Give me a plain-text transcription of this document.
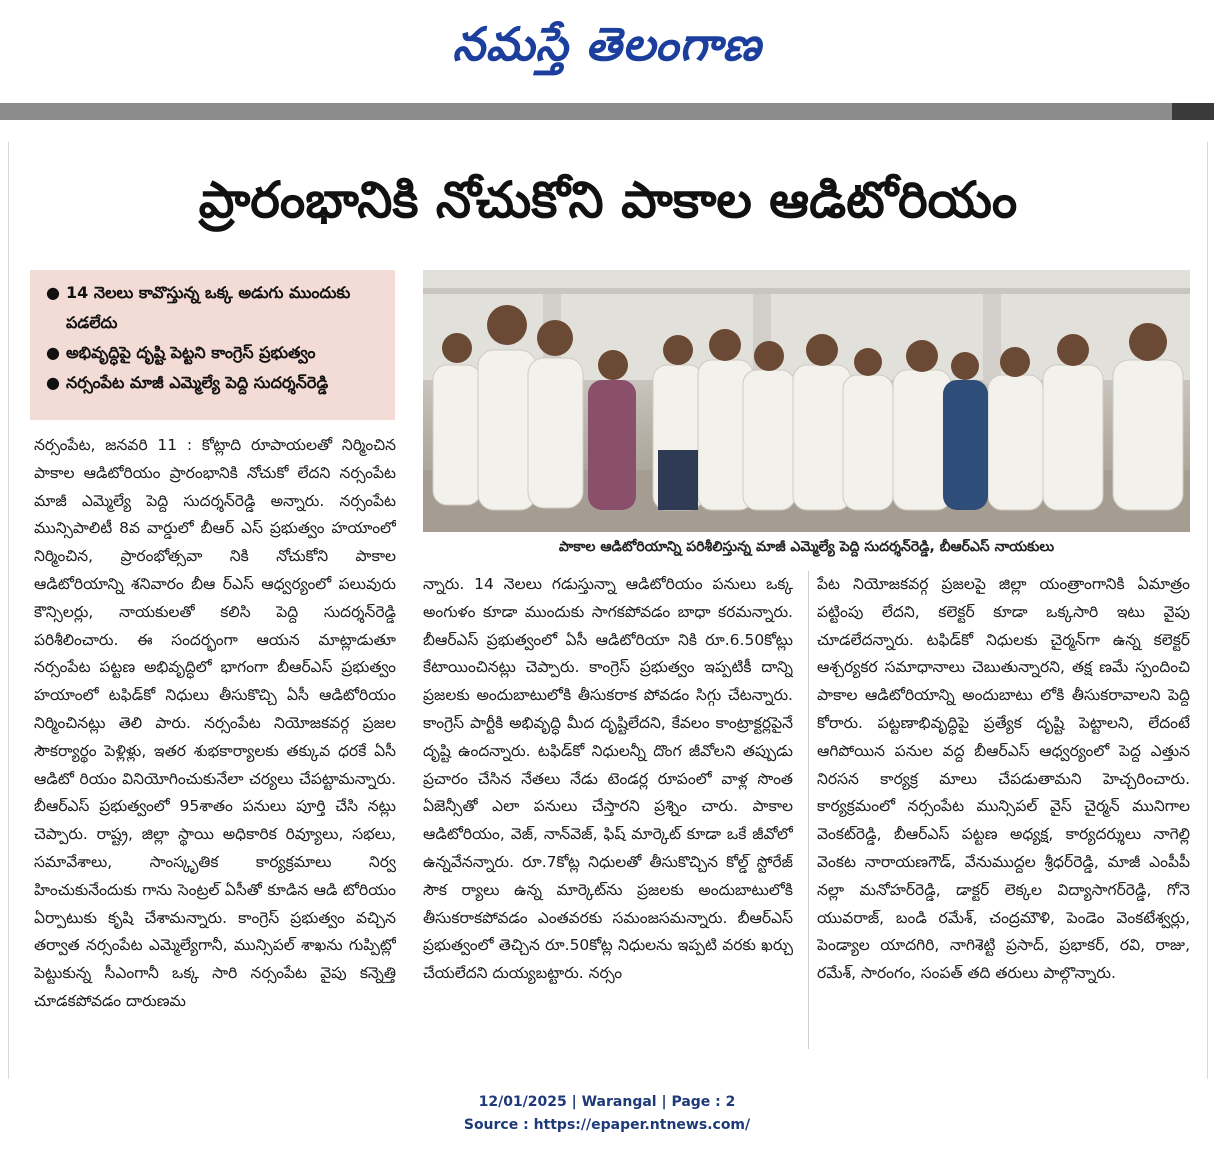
నమస్తే తెలంగాణ
ప్రారంభానికి నోచుకోని పాకాల ఆడిటోరియం
● 14 నెలలు కావొస్తున్న ఒక్క అడుగు ముందుకు పడలేదు
● అభివృద్ధిపై దృష్టి పెట్టని కాంగ్రెస్ ప్రభుత్వం
● నర్సంపేట మాజీ ఎమ్మెల్యే పెద్ది సుదర్శన్‌రెడ్డి
పాకాల ఆడిటోరియాన్ని పరిశీలిస్తున్న మాజీ ఎమ్మెల్యే పెద్ది సుదర్శన్‌రెడ్డి, బీఆర్‌ఎస్ నాయకులు
నర్సంపేట, జనవరి 11 : కోట్లాది రూపాయలతో నిర్మించిన పాకాల ఆడిటోరియం ప్రారంభానికి నోచుకో లేదని నర్సంపేట మాజీ ఎమ్మెల్యే పెద్ది సుదర్శన్‌రెడ్డి అన్నారు. నర్సంపేట మున్సిపాలిటీ 8వ వార్డులో బీఆర్ ఎస్ ప్రభుత్వం హయాంలో నిర్మించిన, ప్రారంభోత్సవా నికి నోచుకోని పాకాల ఆడిటోరియాన్ని శనివారం బీఆ ర్ఎస్ ఆధ్వర్యంలో పలువురు కౌన్సిలర్లు, నాయకులతో కలిసి పెద్ది సుదర్శన్‌రెడ్డి పరిశీలించారు. ఈ సందర్భంగా ఆయన మాట్లాడుతూ నర్సంపేట పట్టణ అభివృద్ధిలో భాగంగా బీఆర్ఎస్ ప్రభుత్వం హయాంలో టఫిడ్‌కో నిధులు తీసుకొచ్చి ఏసీ ఆడిటోరియం నిర్మించినట్లు తెలి పారు. నర్సంపేట నియోజకవర్గ ప్రజల సౌకర్యార్థం పెళ్లిళ్లు, ఇతర శుభకార్యాలకు తక్కువ ధరకే ఏసీ ఆడిటో రియం వినియోగించుకునేలా చర్యలు చేపట్టామన్నారు. బీఆర్ఎస్ ప్రభుత్వంలో 95శాతం పనులు పూర్తి చేసి నట్లు చెప్పారు. రాష్ట్ర, జిల్లా స్థాయి అధికారిక రివ్యూలు, సభలు, సమావేశాలు, సాంస్కృతిక కార్యక్రమాలు నిర్వ హించుకునేందుకు గాను సెంట్రల్ ఏసీతో కూడిన ఆడి టోరియం ఏర్పాటుకు కృషి చేశామన్నారు. కాంగ్రెస్ ప్రభుత్వం వచ్చిన తర్వాత నర్సంపేట ఎమ్మెల్యేగానీ, మున్సిపల్ శాఖను గుప్పిట్లో పెట్టుకున్న సీఎంగానీ ఒక్క సారి నర్సంపేట వైపు కన్నెత్తి చూడకపోవడం దారుణమ
న్నారు. 14 నెలలు గడుస్తున్నా ఆడిటోరియం పనులు ఒక్క అంగుళం కూడా ముందుకు సాగకపోవడం బాధా కరమన్నారు. బీఆర్ఎస్ ప్రభుత్వంలో ఏసీ ఆడిటోరియా నికి రూ.6.50కోట్లు కేటాయించినట్లు చెప్పారు. కాంగ్రెస్ ప్రభుత్వం ఇప్పటికీ దాన్ని ప్రజలకు అందుబాటులోకి తీసుకరాక పోవడం సిగ్గు చేటన్నారు. కాంగ్రెస్ పార్టీకి అభివృద్ధి మీద దృష్టిలేదని, కేవలం కాంట్రాక్టర్లపైనే దృష్టి ఉందన్నారు. టఫిడ్‌కో నిధులన్నీ దొంగ జీవోలని తప్పుడు ప్రచారం చేసిన నేతలు నేడు టెండర్ల రూపంలో వాళ్ల సొంత ఏజెన్సీతో ఎలా పనులు చేస్తారని ప్రశ్నిం చారు. పాకాల ఆడిటోరియం, వెజ్, నాన్‌వెజ్, ఫిష్ మార్కెట్ కూడా ఒకే జీవోలో ఉన్నవేనన్నారు. రూ.7కోట్ల నిధులతో తీసుకొచ్చిన కోల్డ్ స్టోరేజ్ సౌక ర్యాలు ఉన్న మార్కెట్‌ను ప్రజలకు అందుబాటులోకి తీసుకరాకపోవడం ఎంతవరకు సమంజసమన్నారు. బీఆర్ఎస్ ప్రభుత్వంలో తెచ్చిన రూ.50కోట్ల నిధులను ఇప్పటి వరకు ఖర్చు చేయలేదని దుయ్యబట్టారు. నర్సం
పేట నియోజకవర్గ ప్రజలపై జిల్లా యంత్రాంగానికి ఏమాత్రం పట్టింపు లేదని, కలెక్టర్ కూడా ఒక్కసారి ఇటు వైపు చూడలేదన్నారు. టఫిడ్‌కో నిధులకు చైర్మన్‌గా ఉన్న కలెక్టర్ ఆశ్చర్యకర సమాధానాలు చెబుతున్నారని, తక్ష ణమే స్పందించి పాకాల ఆడిటోరియాన్ని అందుబాటు లోకి తీసుకరావాలని పెద్ది కోరారు. పట్టణాభివృద్ధిపై ప్రత్యేక దృష్టి పెట్టాలని, లేదంటే ఆగిపోయిన పనుల వద్ద బీఆర్ఎస్ ఆధ్వర్యంలో పెద్ద ఎత్తున నిరసన కార్యక్ర మాలు చేపడుతామని హెచ్చరించారు. కార్యక్రమంలో నర్సంపేట మున్సిపల్ వైస్ చైర్మన్ మునిగాల వెంకట్‌రెడ్డి, బీఆర్ఎస్ పట్టణ అధ్యక్ష, కార్యదర్శులు నాగెల్లి వెంకట నారాయణగౌడ్, వేనుముద్దల శ్రీధర్‌రెడ్డి, మాజీ ఎంపీపీ నల్లా మనోహర్‌రెడ్డి, డాక్టర్ లెక్కల విద్యాసాగర్‌రెడ్డి, గోనె యువరాజ్, బండి రమేశ్, చంద్రమౌళి, పెండెం వెంకటేశ్వర్లు, పెండ్యాల యాదగిరి, నాగిశెట్టి ప్రసాద్, ప్రభాకర్, రవి, రాజు, రమేశ్, సారంగం, సంపత్ తది తరులు పాల్గొన్నారు.
12/01/2025 | Warangal | Page : 2
Source : https://epaper.ntnews.com/
